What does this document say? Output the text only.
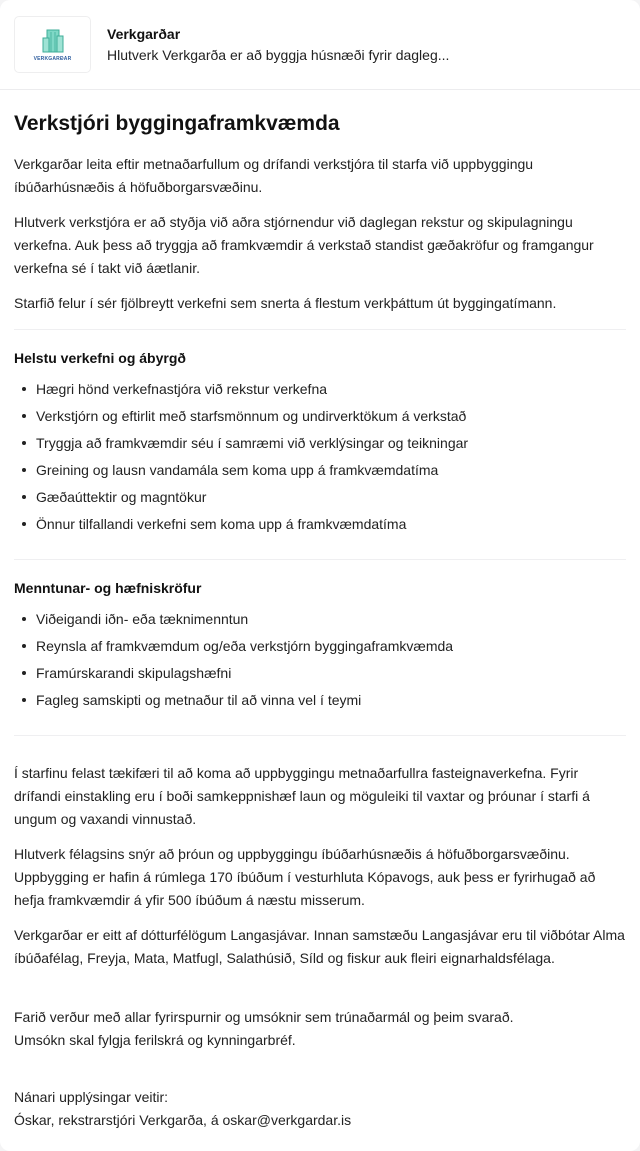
VERKGARÐAR
Verkgarðar
Hlutverk Verkgarða er að byggja húsnæði fyrir dagleg...
Verkstjóri byggingaframkvæmda

Verkgarðar leita eftir metnaðarfullum og drífandi verkstjóra til starfa við uppbyggingu íbúðarhúsnæðis á höfuðborgarsvæðinu.

Hlutverk verkstjóra er að styðja við aðra stjórnendur við daglegan rekstur og skipulagningu verkefna. Auk þess að tryggja að framkvæmdir á verkstað standist gæðakröfur og framgangur verkefna sé í takt við áætlanir.

Starfið felur í sér fjölbreytt verkefni sem snerta á flestum verkþáttum út byggingatímann.

Helstu verkefni og ábyrgð
Hægri hönd verkefnastjóra við rekstur verkefna
Verkstjórn og eftirlit með starfsmönnum og undirverktökum á verkstað
Tryggja að framkvæmdir séu í samræmi við verklýsingar og teikningar
Greining og lausn vandamála sem koma upp á framkvæmdatíma
Gæðaúttektir og magntökur
Önnur tilfallandi verkefni sem koma upp á framkvæmdatíma
Menntunar- og hæfniskröfur
Viðeigandi iðn- eða tæknimenntun
Reynsla af framkvæmdum og/eða verkstjórn byggingaframkvæmda
Framúrskarandi skipulagshæfni
Fagleg samskipti og metnaður til að vinna vel í teymi

Í starfinu felast tækifæri til að koma að uppbyggingu metnaðarfullra fasteignaverkefna. Fyrir drífandi einstakling eru í boði samkeppnishæf laun og möguleiki til vaxtar og þróunar í starfi á ungum og vaxandi vinnustað.

Hlutverk félagsins snýr að þróun og uppbyggingu íbúðarhúsnæðis á höfuðborgarsvæðinu. Uppbygging er hafin á rúmlega 170 íbúðum í vesturhluta Kópavogs, auk þess er fyrirhugað að hefja framkvæmdir á yfir 500 íbúðum á næstu misserum.

Verkgarðar er eitt af dótturfélögum Langasjávar. Innan samstæðu Langasjávar eru til viðbótar Alma íbúðafélag, Freyja, Mata, Matfugl, Salathúsið, Síld og fiskur auk fleiri eignarhaldsfélaga.

Farið verður með allar fyrirspurnir og umsóknir sem trúnaðarmál og þeim svarað.
Umsókn skal fylgja ferilskrá og kynningarbréf.

Nánari upplýsingar veitir:
Óskar, rekstrarstjóri Verkgarða, á oskar@verkgardar.is
